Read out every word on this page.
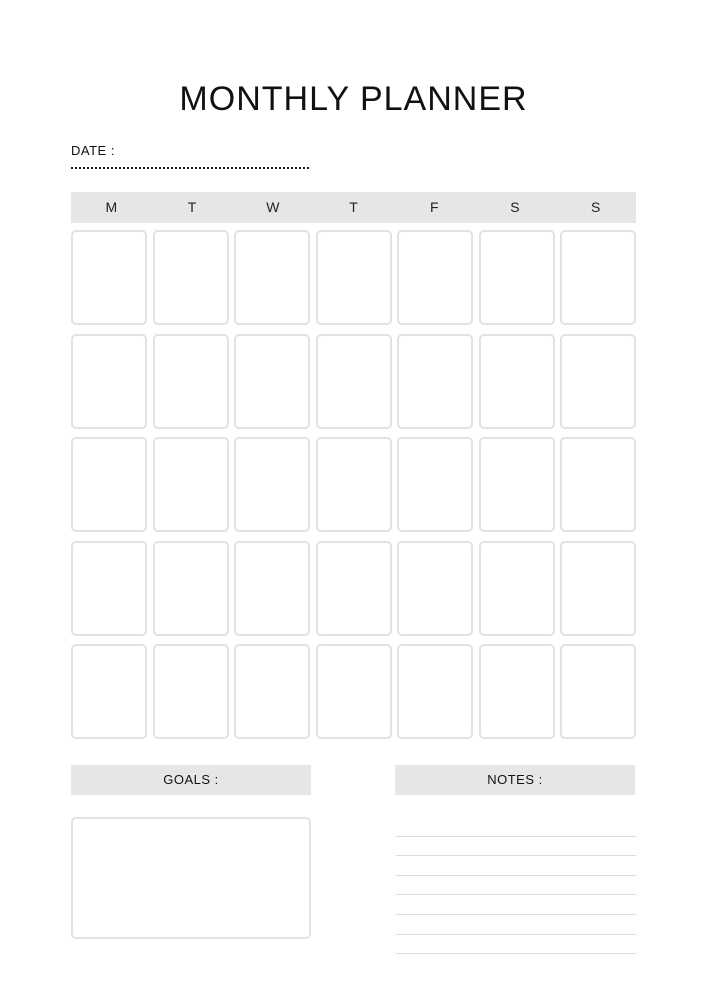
MONTHLY PLANNER
DATE :
M	T	W	T	F	S	S
GOALS :	NOTES :
